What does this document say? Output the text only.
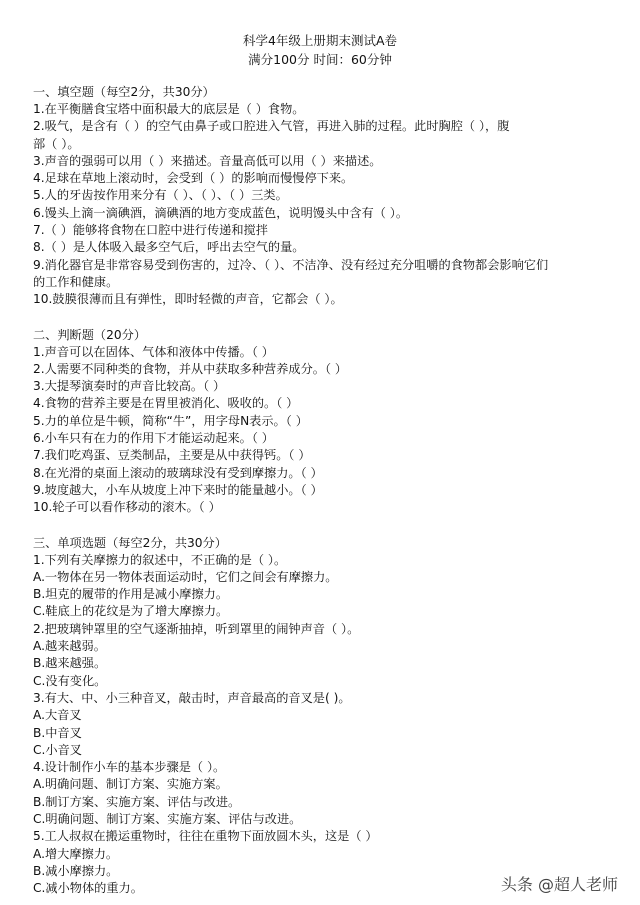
科学4年级上册期末测试A卷
满分100分 时间：60分钟
一、填空题（每空2分，共30分）
1.在平衡膳食宝塔中面积最大的底层是（ ）食物。
2.吸气，是含有（ ）的空气由鼻子或口腔进入气管，再进入肺的过程。此时胸腔（ ），腹
部（ ）。
3.声音的强弱可以用（ ）来描述。音量高低可以用（ ）来描述。
4.足球在草地上滚动时，会受到（ ）的影响而慢慢停下来。
5.人的牙齿按作用来分有（ ）、（ ）、（ ）三类。
6.馒头上滴一滴碘酒，滴碘酒的地方变成蓝色，说明馒头中含有（ ）。
7.（ ）能够将食物在口腔中进行传递和搅拌
8.（ ）是人体吸入最多空气后，呼出去空气的量。
9.消化器官是非常容易受到伤害的，过冷、（ ）、不洁净、没有经过充分咀嚼的食物都会影响它们
的工作和健康。
10.鼓膜很薄而且有弹性，即时轻微的声音，它都会（ ）。
二、判断题（20分）
1.声音可以在固体、气体和液体中传播。（ ）
2.人需要不同种类的食物，并从中获取多种营养成分。（ ）
3.大提琴演奏时的声音比较高。（ ）
4.食物的营养主要是在胃里被消化、吸收的。（ ）
5.力的单位是牛顿，简称“牛”，用字母N表示。（ ）
6.小车只有在力的作用下才能运动起来。（ ）
7.我们吃鸡蛋、豆类制品，主要是从中获得钙。（ ）
8.在光滑的桌面上滚动的玻璃球没有受到摩擦力。（ ）
9.坡度越大，小车从坡度上冲下来时的能量越小。（ ）
10.轮子可以看作移动的滚木。（ ）
三、单项选题（每空2分，共30分）
1.下列有关摩擦力的叙述中，不正确的是（ ）。
A.一物体在另一物体表面运动时，它们之间会有摩擦力。
B.坦克的履带的作用是减小摩擦力。
C.鞋底上的花纹是为了增大摩擦力。
2.把玻璃钟罩里的空气逐渐抽掉，听到罩里的闹钟声音（ ）。
A.越来越弱。
B.越来越强。
C.没有变化。
3.有大、中、小三种音叉，敲击时，声音最高的音叉是( )。
A.大音叉
B.中音叉
C.小音叉
4.设计制作小车的基本步骤是（ ）。
A.明确问题、制订方案、实施方案。
B.制订方案、实施方案、评估与改进。
C.明确问题、制订方案、实施方案、评估与改进。
5.工人叔叔在搬运重物时，往往在重物下面放圆木头，这是（ ）
A.增大摩擦力。
B.减小摩擦力。
C.减小物体的重力。	头条 @超人老师
